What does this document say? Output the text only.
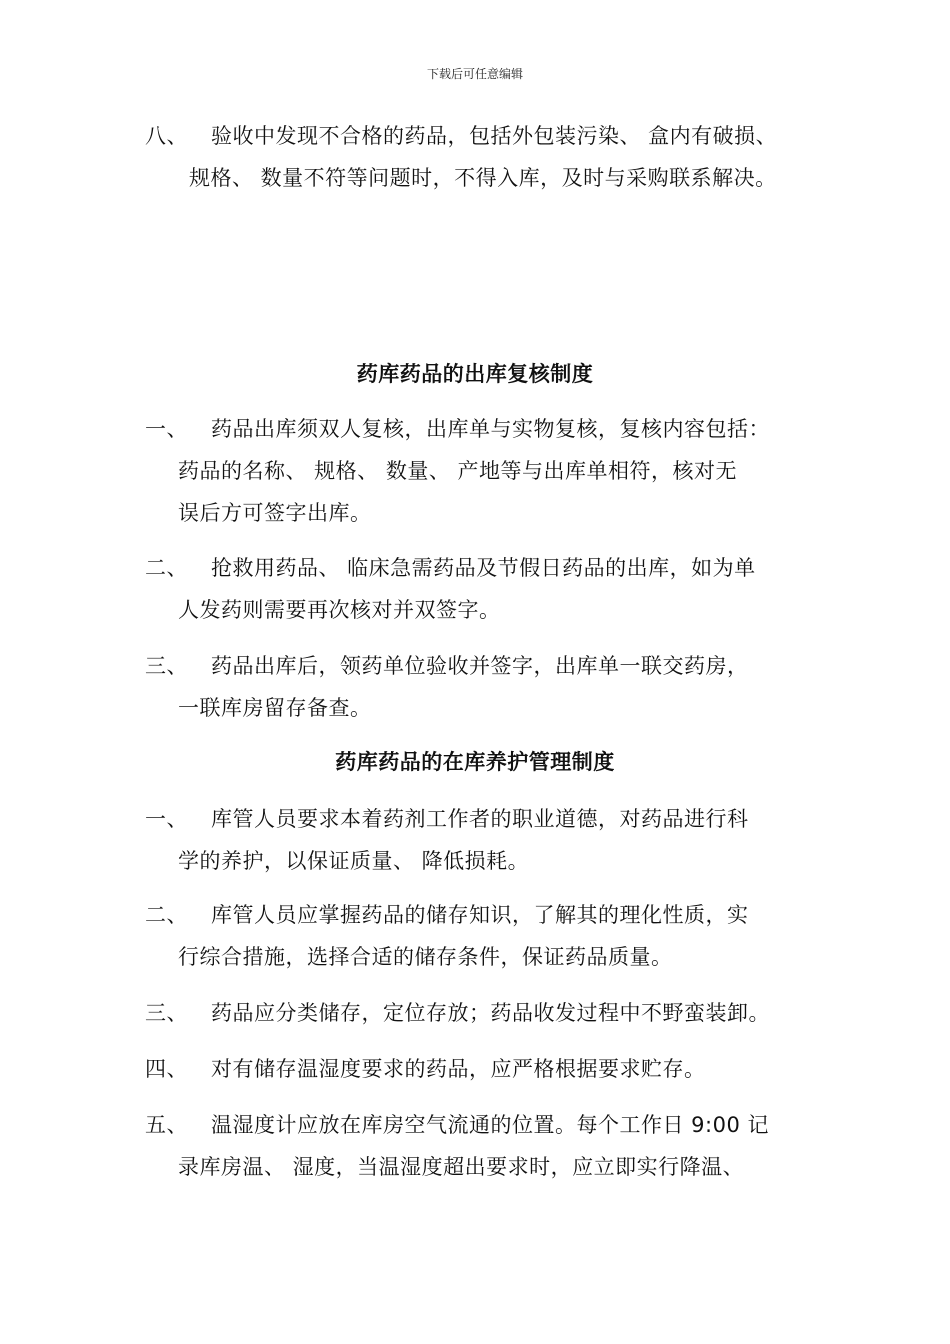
下载后可任意编辑
八、	验收中发现不合格的药品，包括外包装污染、 盒内有破损、
规格、 数量不符等问题时，不得入库，及时与采购联系解决。
药库药品的出库复核制度
一、	药品出库须双人复核，出库单与实物复核，复核内容包括：
药品的名称、 规格、 数量、 产地等与出库单相符，核对无
误后方可签字出库。
二、	抢救用药品、 临床急需药品及节假日药品的出库，如为单
人发药则需要再次核对并双签字。
三、	药品出库后，领药单位验收并签字，出库单一联交药房，
一联库房留存备查。
药库药品的在库养护管理制度
一、	库管人员要求本着药剂工作者的职业道德，对药品进行科
学的养护，以保证质量、 降低损耗。
二、	库管人员应掌握药品的储存知识，了解其的理化性质，实
行综合措施，选择合适的储存条件，保证药品质量。
三、	药品应分类储存，定位存放；药品收发过程中不野蛮装卸。
四、	对有储存温湿度要求的药品，应严格根据要求贮存。
五、	温湿度计应放在库房空气流通的位置。每个工作日 9:00 记
录库房温、 湿度，当温湿度超出要求时，应立即实行降温、
